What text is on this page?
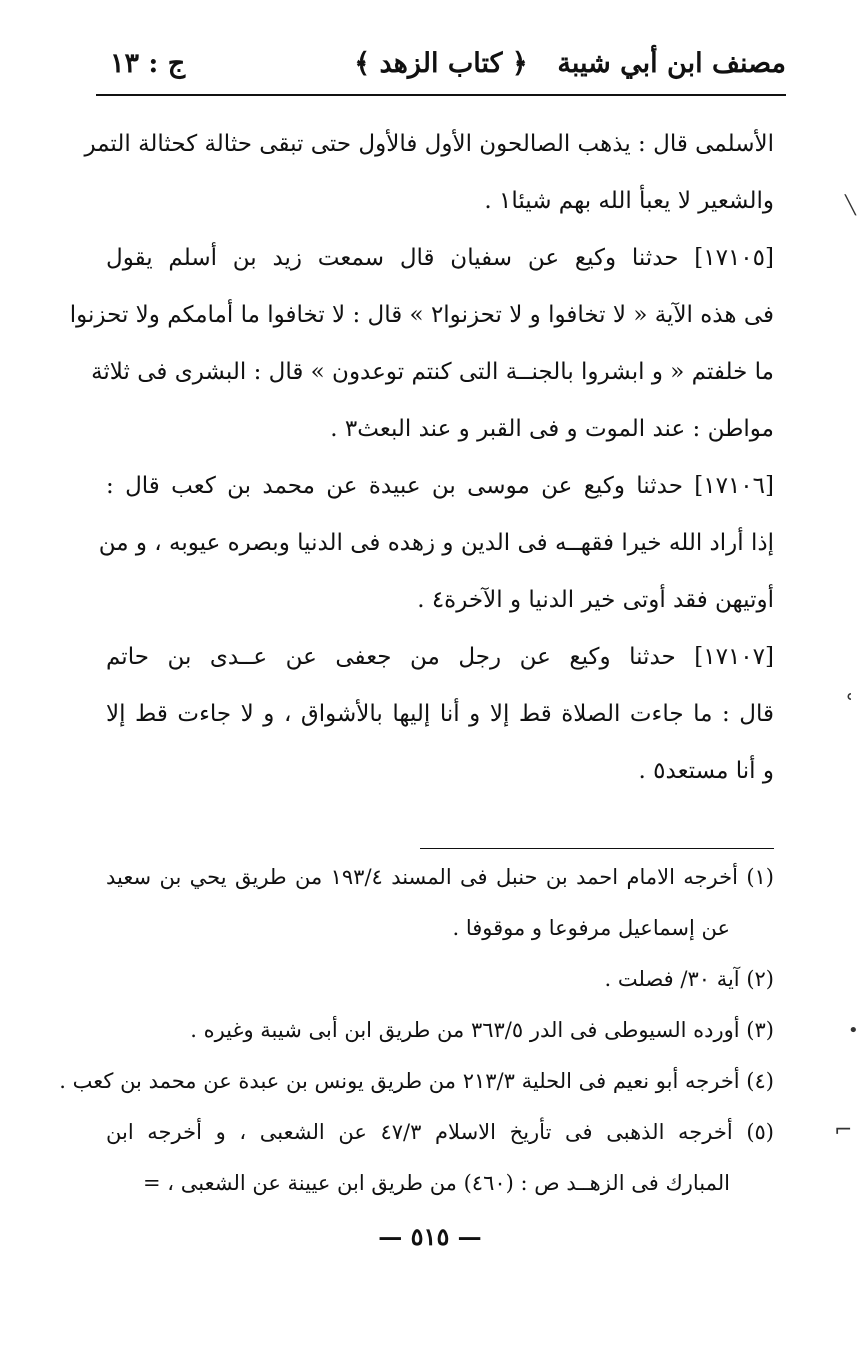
مصنف ابن أبي شيبة
﴿ كتاب الزهد ﴾
ج : ١٣
الأسلمى قال : يذهب الصالحون الأول فالأول حتى تبقى حثالة كحثالة التمر
والشعير لا يعبأ الله بهم شيئا١ .
[١٧١٠٥] حدثنا وكيع عن سفيان قال سمعت زيد بن أسلم يقول
فى هذه الآية « لا تخافوا و لا تحزنوا٢ » قال : لا تخافوا ما أمامكم ولا تحزنوا
ما خلفتم « و ابشروا بالجنــة التى كنتم توعدون » قال : البشرى فى ثلاثة
مواطن : عند الموت و فى القبر و عند البعث٣ .
[١٧١٠٦] حدثنا وكيع عن موسى بن عبيدة عن محمد بن كعب قال :
إذا أراد الله خيرا فقهــه فى الدين و زهده فى الدنيا وبصره عيوبه ، و من
أوتيهن فقد أوتى خير الدنيا و الآخرة٤ .
[١٧١٠٧] حدثنا وكيع عن رجل من جعفى عن عــدى بن حاتم
قال : ما جاءت الصلاة قط إلا و أنا إليها بالأشواق ، و لا جاءت قط إلا
و أنا مستعد٥ .
(١) أخرجه الامام احمد بن حنبل فى المسند ١٩٣/٤ من طريق يحي بن سعيد
عن إسماعيل مرفوعا و موقوفا .
(٢) آية ٣٠/ فصلت .
(٣) أورده السيوطى فى الدر ٣٦٣/٥ من طريق ابن أبى شيبة وغيره .
(٤) أخرجه أبو نعيم فى الحلية ٢١٣/٣ من طريق يونس بن عبدة عن محمد بن كعب .
(٥) أخرجه الذهبى فى تأريخ الاسلام ٤٧/٣ عن الشعبى ، و أخرجه ابن
المبارك فى الزهــد ص : (٤٦٠) من طريق ابن عيينة عن الشعبى ، =
— ٥١٥ —
╲
ʿ
•
⌐
